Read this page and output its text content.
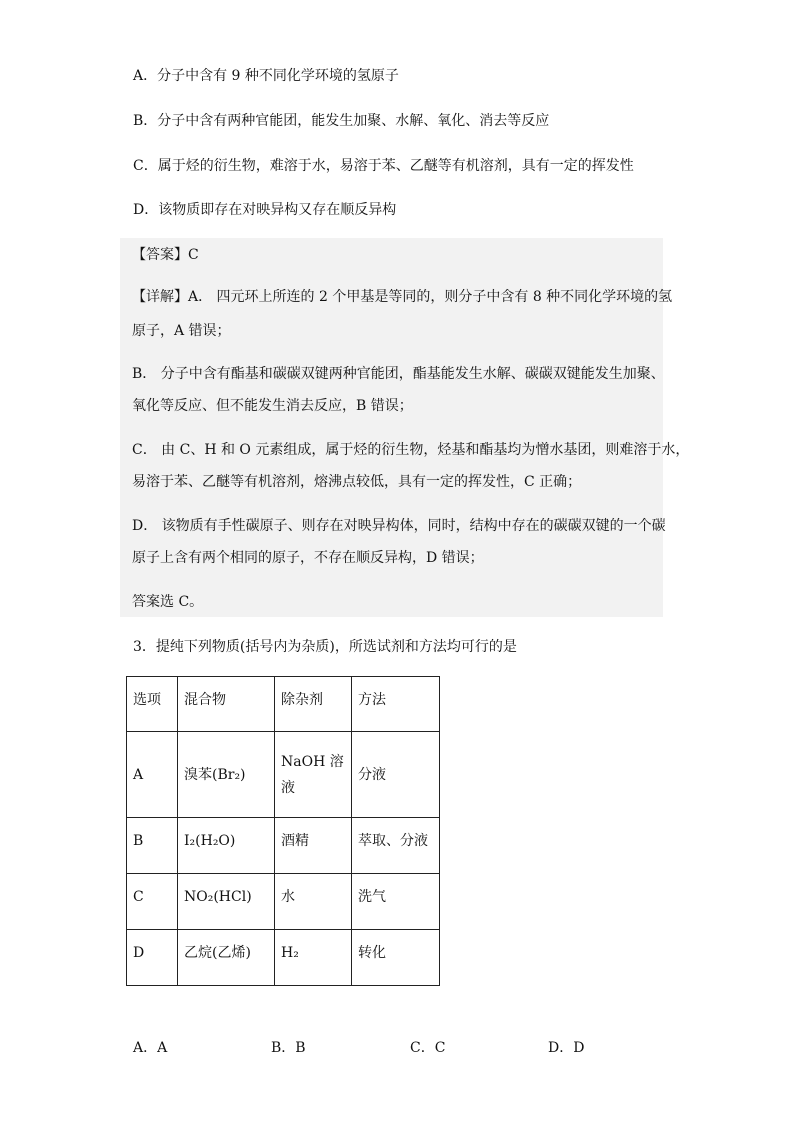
A．分子中含有 9 种不同化学环境的氢原子
B．分子中含有两种官能团，能发生加聚、水解、氧化、消去等反应
C．属于烃的衍生物，难溶于水，易溶于苯、乙醚等有机溶剂，具有一定的挥发性
D．该物质即存在对映异构又存在顺反异构
【答案】C
【详解】A． 四元环上所连的 2 个甲基是等同的，则分子中含有 8 种不同化学环境的氢
原子，A 错误；
B． 分子中含有酯基和碳碳双键两种官能团，酯基能发生水解、碳碳双键能发生加聚、
氧化等反应、但不能发生消去反应，B 错误；
C． 由 C、H 和 O 元素组成，属于烃的衍生物，烃基和酯基均为憎水基团，则难溶于水，
易溶于苯、乙醚等有机溶剂，熔沸点较低，具有一定的挥发性，C 正确；
D． 该物质有手性碳原子、则存在对映异构体，同时，结构中存在的碳碳双键的一个碳
原子上含有两个相同的原子，不存在顺反异构，D 错误；
答案选 C。
3．提纯下列物质(括号内为杂质)，所选试剂和方法均可行的是
选项	混合物	除杂剂	方法
A	溴苯(Br₂)	NaOH 溶液	分液
B	I₂(H₂O)	酒精	萃取、分液
C	NO₂(HCl)	水	洗气
D	乙烷(乙烯)	H₂	转化
A．A	B．B	C．C	D．D
